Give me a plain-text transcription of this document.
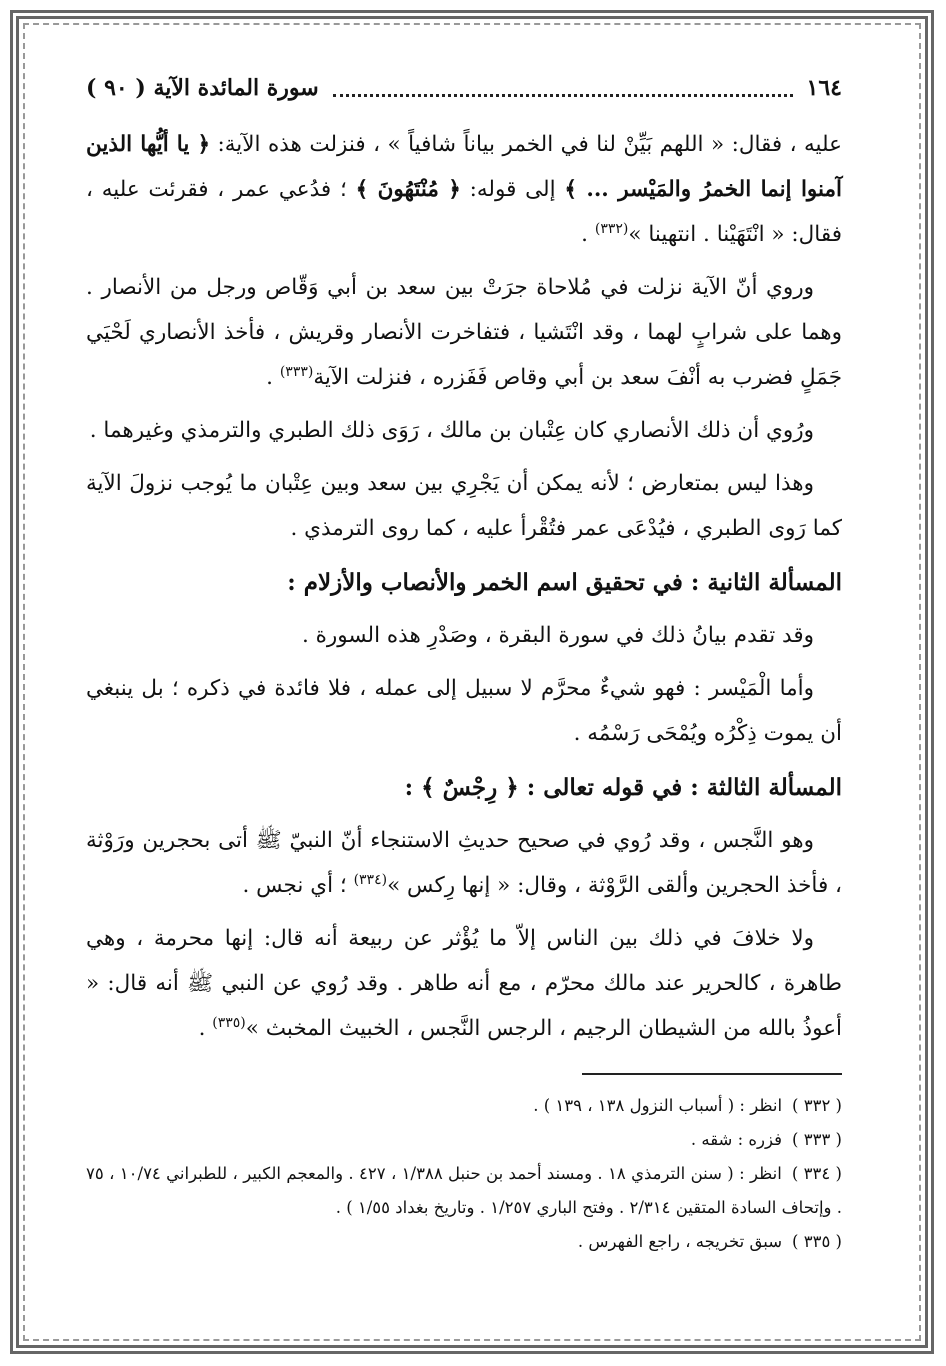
١٦٤
سورة المائدة الآية ( ٩٠ )

عليه ، فقال: « اللهم بَيِّنْ لنا في الخمر بياناً شافياً » ، فنزلت هذه الآية: ﴿ يا أيُّها الذين آمنوا إنما الخمرُ والمَيْسر ... ﴾ إلى قوله: ﴿ مُنْتَهُونَ ﴾ ؛ فدُعي عمر ، فقرئت عليه ، فقال: « انْتَهَيْنا . انتهينا »$^{(٣٣٢)}$ .

وروي أنّ الآية نزلت في مُلاحاة جرَتْ بين سعد بن أبي وَقّاص ورجل من الأنصار . وهما على شرابٍ لهما ، وقد انْتَشيا ، فتفاخرت الأنصار وقريش ، فأخذ الأنصاري لَحْيَي جَمَلٍ فضرب به أنْفَ سعد بن أبي وقاص فَفَزره ، فنزلت الآية$^{(٣٣٣)}$ .

ورُوي أن ذلك الأنصاري كان عِتْبان بن مالك ، رَوَى ذلك الطبري والترمذي وغيرهما .

وهذا ليس بمتعارض ؛ لأنه يمكن أن يَجْرِي بين سعد وبين عِتْبان ما يُوجب نزولَ الآية كما رَوى الطبري ، فيُدْعَى عمر فتُقْرأ عليه ، كما روى الترمذي .

المسألة الثانية : في تحقيق اسم الخمر والأنصاب والأزلام :

وقد تقدم بيانُ ذلك في سورة البقرة ، وصَدْرِ هذه السورة .

وأما الْمَيْسر : فهو شيءٌ محرَّم لا سبيل إلى عمله ، فلا فائدة في ذكره ؛ بل ينبغي أن يموت ذِكْرُه ويُمْحَى رَسْمُه .

المسألة الثالثة : في قوله تعالى : ﴿ رِجْسٌ ﴾ :

وهو النَّجس ، وقد رُوي في صحيح حديثِ الاستنجاء أنّ النبيّ ﷺ أتى بحجرين ورَوْثة ، فأخذ الحجرين وألقى الرَّوْثة ، وقال: « إنها رِكس »$^{(٣٣٤)}$ ؛ أي نجس .

ولا خلافَ في ذلك بين الناس إلاّ ما يُؤْثر عن ربيعة أنه قال: إنها محرمة ، وهي طاهرة ، كالحرير عند مالك محرّم ، مع أنه طاهر . وقد رُوي عن النبي ﷺ أنه قال: « أعوذُ بالله من الشيطان الرجيم ، الرجس النَّجس ، الخبيث المخبث »$^{(٣٣٥)}$ .

( ٣٣٢ )انظر : ( أسباب النزول ١٣٨ ، ١٣٩ ) .
( ٣٣٣ )فزره : شقه .
( ٣٣٤ )انظر : ( سنن الترمذي ١٨ . ومسند أحمد بن حنبل ١/٣٨٨ ، ٤٢٧ . والمعجم الكبير ، للطبراني ١٠/٧٤ ، ٧٥ . وإتحاف السادة المتقين ٢/٣١٤ . وفتح الباري ١/٢٥٧ . وتاريخ بغداد ١/٥٥ ) .
( ٣٣٥ )سبق تخريجه ، راجع الفهرس .
